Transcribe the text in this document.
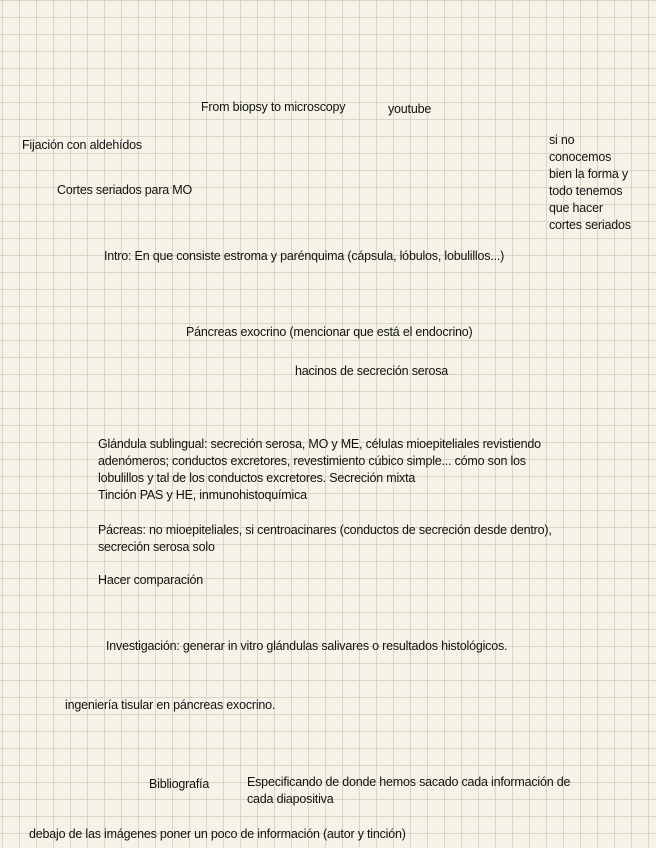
From biopsy to microscopy	youtube
Fijación con aldehídos
Cortes seriados para MO
si no
conocemos
bien la forma y
todo tenemos
que hacer
cortes seriados
Intro: En que consiste estroma y parénquima (cápsula, lóbulos, lobulillos...)
Páncreas exocrino (mencionar que está el endocrino)
hacinos de secreción serosa
Glándula sublingual: secreción serosa, MO y ME, células mioepiteliales revistiendo
adenómeros; conductos excretores, revestimiento cúbico simple... cómo son los
lobulillos y tal de los conductos excretores. Secreción mixta
Tinción PAS y HE, inmunohistoquímica
Pácreas: no mioepiteliales, si centroacinares (conductos de secreción desde dentro),
secreción serosa solo
Hacer comparación
Investigación: generar in vitro glándulas salivares o resultados histológicos.
ingeniería tisular en páncreas exocrino.
Bibliografía	Especificando de donde hemos sacado cada información de
cada diapositiva
debajo de las imágenes poner un poco de información (autor y tinción)
